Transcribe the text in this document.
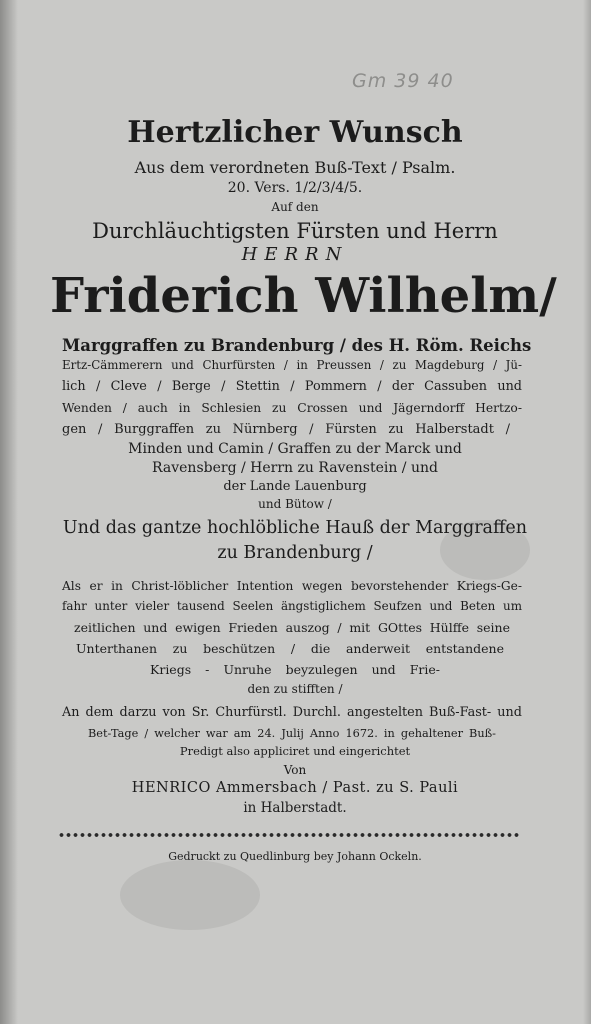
Gm 39 40
Hertzlicher Wunsch
Aus dem verordneten Buß-Text / Psalm.
20. Vers. 1/2/3/4/5.
Auf den
Durchläuchtigsten Fürsten und Herrn
HERRN
Friderich Wilhelm/
Marggraffen zu Brandenburg / des H. Röm. Reichs
Ertz-Cämmerern und Churfürsten / in Preussen / zu Magdeburg / Jü-
lich / Cleve / Berge / Stettin / Pommern / der Cassuben und
Wenden / auch in Schlesien zu Crossen und Jägerndorff Hertzo-
gen / Burggraffen zu Nürnberg / Fürsten zu Halberstadt /
Minden und Camin / Graffen zu der Marck und
Ravensberg / Herrn zu Ravenstein / und
der Lande Lauenburg
und Bütow /
Und das gantze hochlöbliche Hauß der Marggraffen
zu Brandenburg /
Als er in Christ-löblicher Intention wegen bevorstehender Kriegs-Ge-
fahr unter vieler tausend Seelen ängstiglichem Seufzen und Beten um
zeitlichen und ewigen Frieden auszog / mit GOttes Hülffe seine
Unterthanen zu beschützen / die anderweit entstandene
Kriegs - Unruhe beyzulegen und Frie-
den zu stifften /
An dem darzu von Sr. Churfürstl. Durchl. angestelten Buß-Fast- und
Bet-Tage / welcher war am 24. Julij Anno 1672. in gehaltener Buß-
Predigt also appliciret und eingerichtet
Von
HENRICO Ammersbach / Past. zu S. Pauli
in Halberstadt.
Gedruckt zu Quedlinburg bey Johann Ockeln.
